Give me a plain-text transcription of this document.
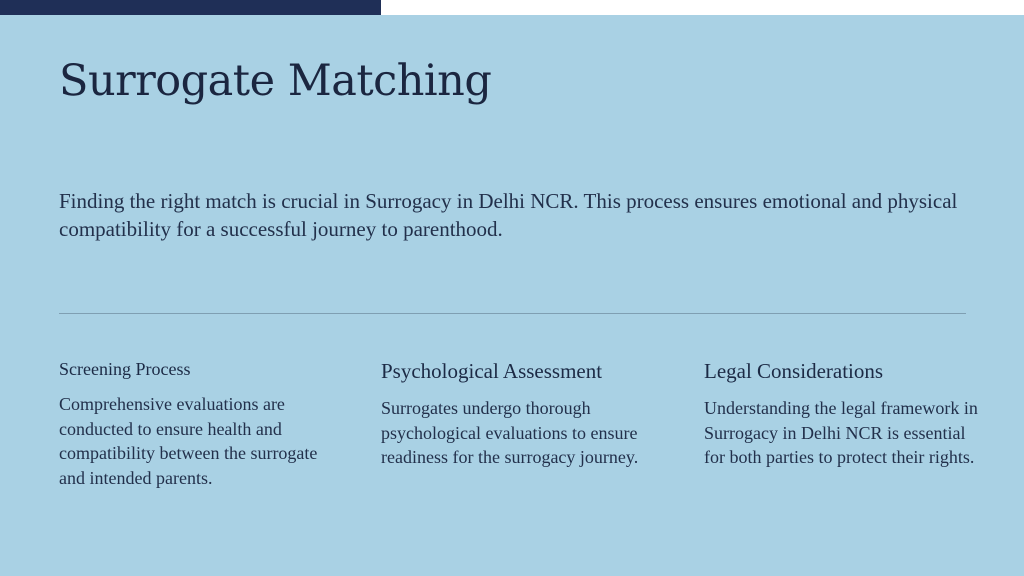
Surrogate Matching

Finding the right match is crucial in Surrogacy in Delhi NCR. This process ensures emotional and physical compatibility for a successful journey to parenthood.

Screening Process

Comprehensive evaluations are conducted to ensure health and compatibility between the surrogate and intended parents.

Psychological Assessment

Surrogates undergo thorough psychological evaluations to ensure readiness for the surrogacy journey.

Legal Considerations

Understanding the legal framework in Surrogacy in Delhi NCR is essential for both parties to protect their rights.
